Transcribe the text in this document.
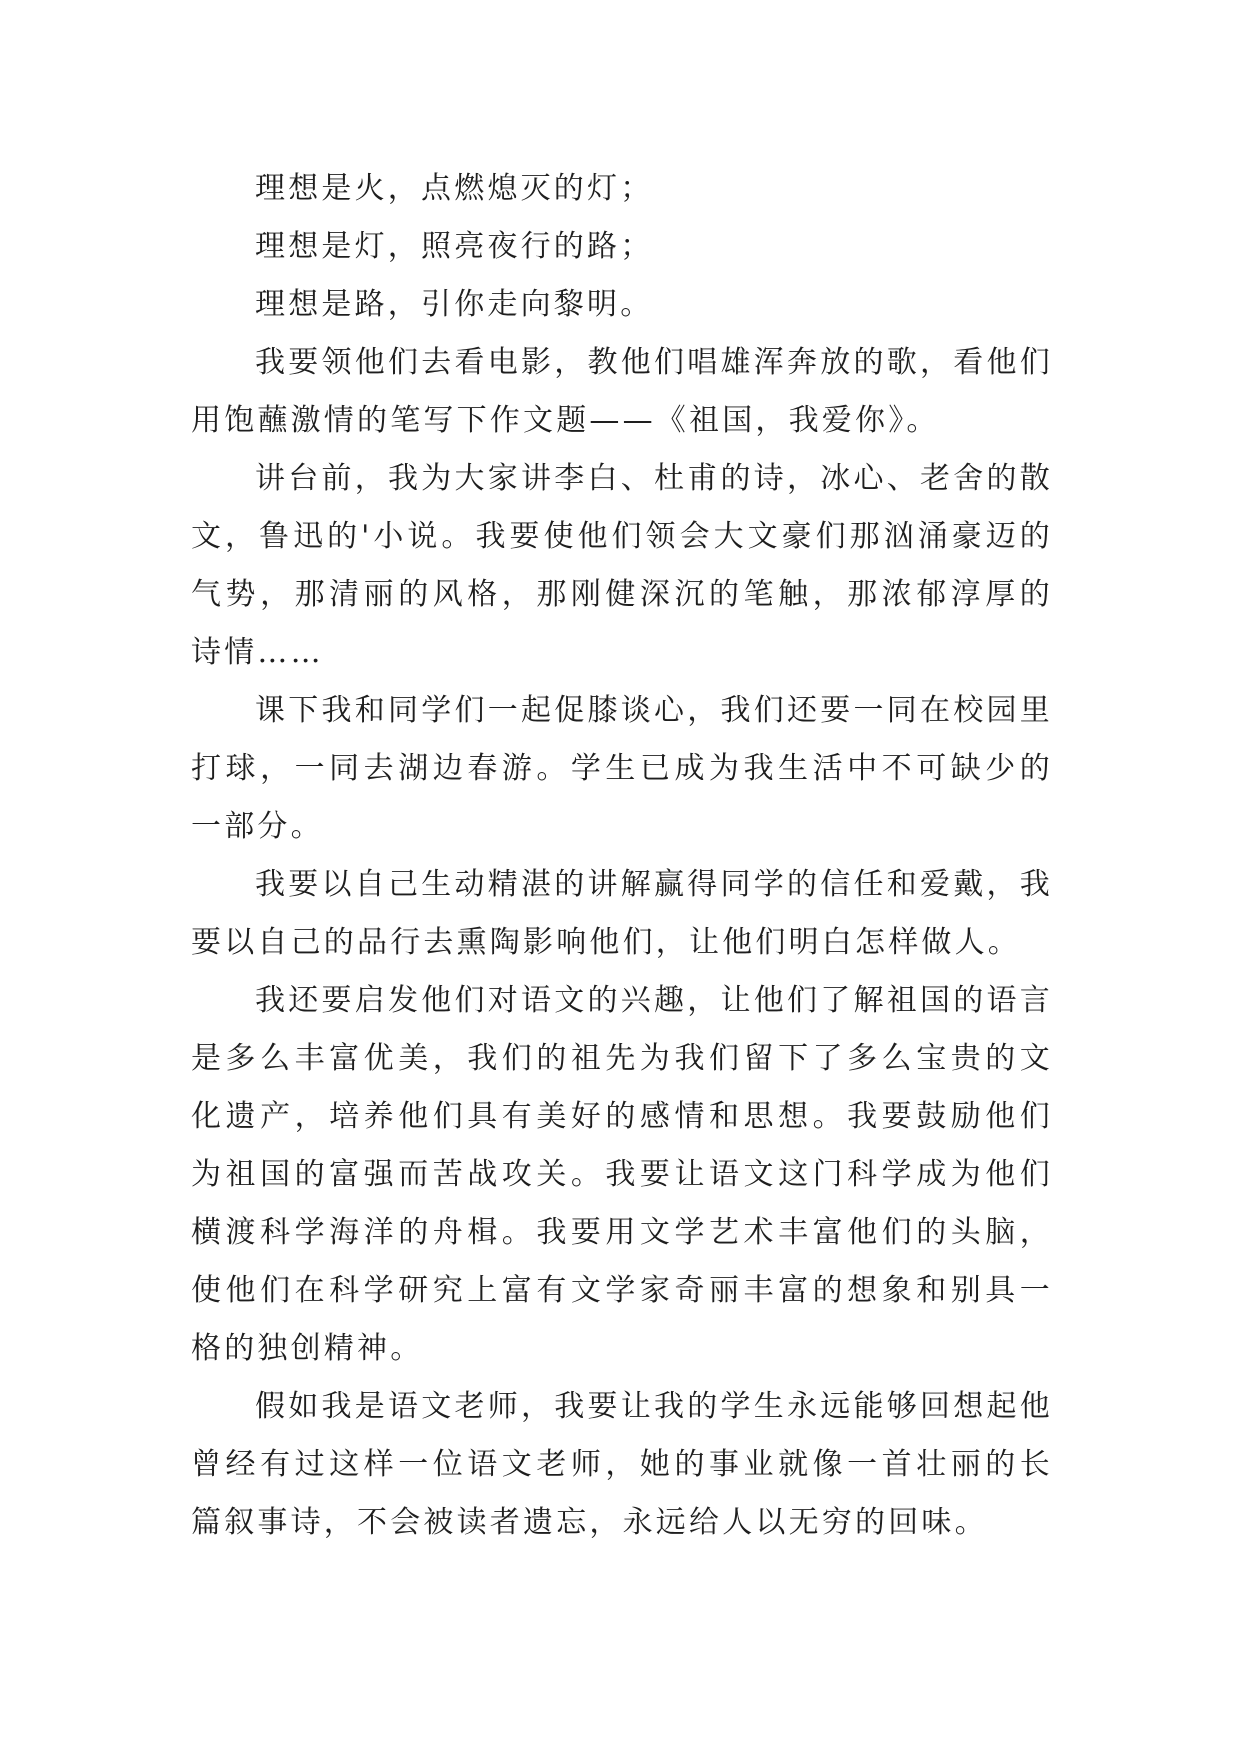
理想是火，点燃熄灭的灯；

理想是灯，照亮夜行的路；

理想是路，引你走向黎明。

我要领他们去看电影，教他们唱雄浑奔放的歌，看他们用饱蘸激情的笔写下作文题——《祖国，我爱你》。

讲台前，我为大家讲李白、杜甫的诗，冰心、老舍的散文，鲁迅的'小说。我要使他们领会大文豪们那汹涌豪迈的气势，那清丽的风格，那刚健深沉的笔触，那浓郁淳厚的诗情……

课下我和同学们一起促膝谈心，我们还要一同在校园里打球，一同去湖边春游。学生已成为我生活中不可缺少的一部分。

我要以自己生动精湛的讲解赢得同学的信任和爱戴，我要以自己的品行去熏陶影响他们，让他们明白怎样做人。

我还要启发他们对语文的兴趣，让他们了解祖国的语言是多么丰富优美，我们的祖先为我们留下了多么宝贵的文化遗产，培养他们具有美好的感情和思想。我要鼓励他们为祖国的富强而苦战攻关。我要让语文这门科学成为他们横渡科学海洋的舟楫。我要用文学艺术丰富他们的头脑，使他们在科学研究上富有文学家奇丽丰富的想象和别具一格的独创精神。

假如我是语文老师，我要让我的学生永远能够回想起他曾经有过这样一位语文老师，她的事业就像一首壮丽的长篇叙事诗，不会被读者遗忘，永远给人以无穷的回味。
